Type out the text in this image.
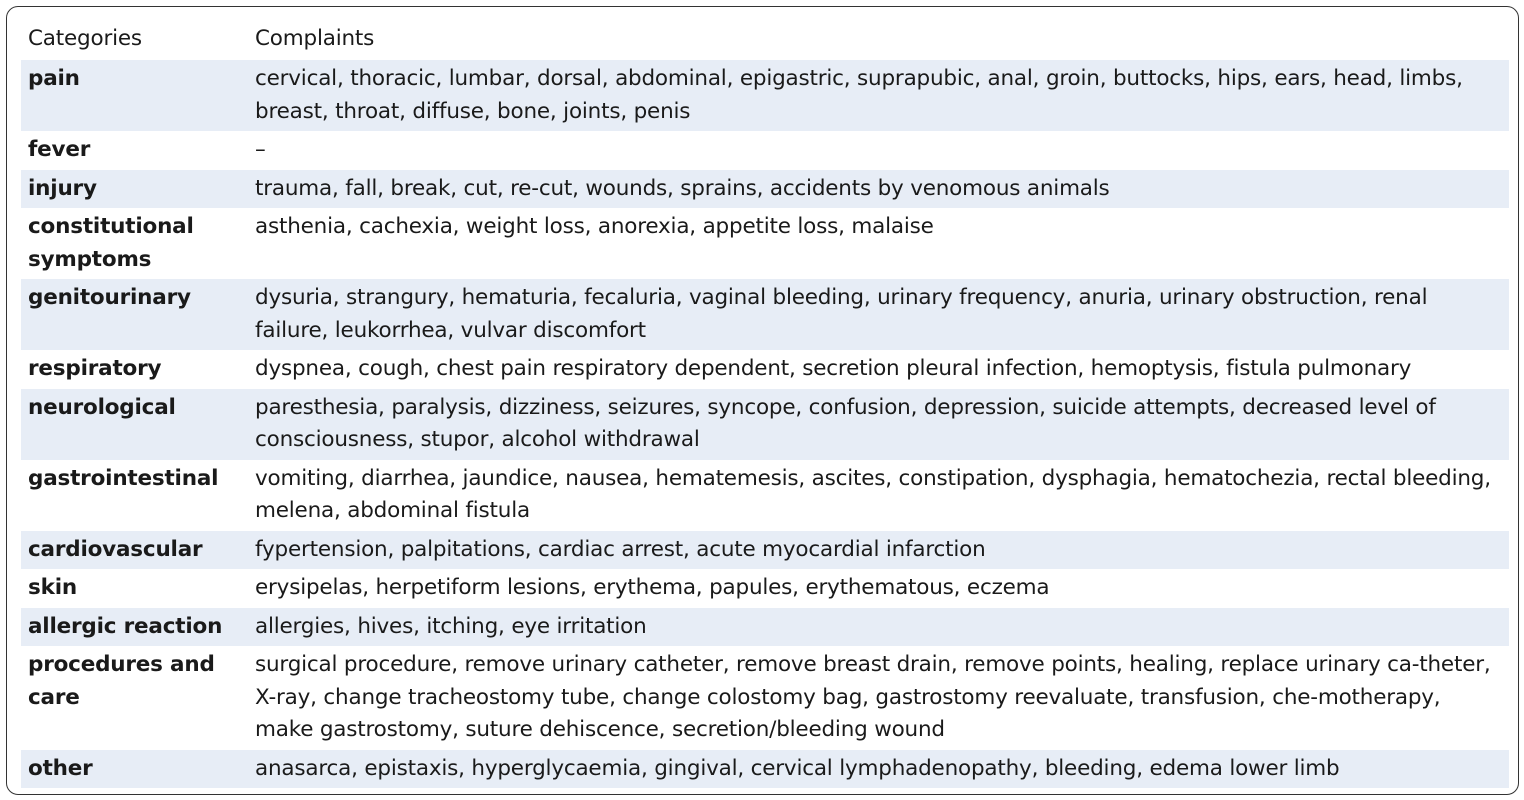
Categories	Complaints
pain	cervical, thoracic, lumbar, dorsal, abdominal, epigastric, suprapubic, anal, groin, buttocks, hips, ears, head, limbs, breast, throat, diffuse, bone, joints, penis
fever	–
injury	trauma, fall, break, cut, re-cut, wounds, sprains, accidents by venomous animals
constitutional symptoms	asthenia, cachexia, weight loss, anorexia, appetite loss, malaise
genitourinary	dysuria, strangury, hematuria, fecaluria, vaginal bleeding, urinary frequency, anuria, urinary obstruction, renal failure, leukorrhea, vulvar discomfort
respiratory	dyspnea, cough, chest pain respiratory dependent, secretion pleural infection, hemoptysis, fistula pulmonary
neurological	paresthesia, paralysis, dizziness, seizures, syncope, confusion, depression, suicide attempts, decreased level of consciousness, stupor, alcohol withdrawal
gastrointestinal	vomiting, diarrhea, jaundice, nausea, hematemesis, ascites, constipation, dysphagia, hematochezia, rectal bleeding, melena, abdominal fistula
cardiovascular	fypertension, palpitations, cardiac arrest, acute myocardial infarction
skin	erysipelas, herpetiform lesions, erythema, papules, erythematous, eczema
allergic reaction	allergies, hives, itching, eye irritation
procedures and care	surgical procedure, remove urinary catheter, remove breast drain, remove points, healing, replace urinary ca-theter, X-ray, change tracheostomy tube, change colostomy bag, gastrostomy reevaluate, transfusion, che-motherapy, make gastrostomy, suture dehiscence, secretion/bleeding wound
other	anasarca, epistaxis, hyperglycaemia, gingival, cervical lymphadenopathy, bleeding, edema lower limb
